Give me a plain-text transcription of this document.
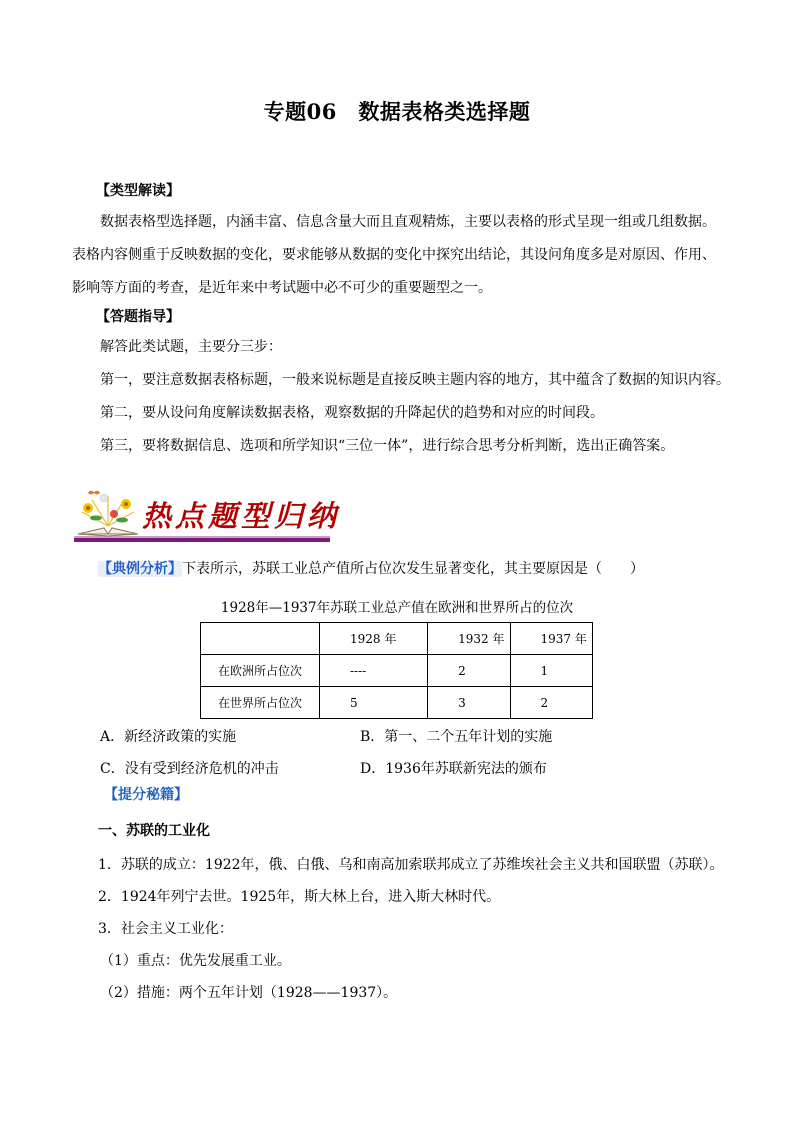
专题06　数据表格类选择题
【类型解读】
数据表格型选择题，内涵丰富、信息含量大而且直观精炼，主要以表格的形式呈现一组或几组数据。
表格内容侧重于反映数据的变化，要求能够从数据的变化中探究出结论，其设问角度多是对原因、作用、
影响等方面的考查，是近年来中考试题中必不可少的重要题型之一。
【答题指导】
解答此类试题，主要分三步：
第一，要注意数据表格标题，一般来说标题是直接反映主题内容的地方，其中蕴含了数据的知识内容。
第二，要从设问角度解读数据表格，观察数据的升降起伏的趋势和对应的时间段。
第三，要将数据信息、选项和所学知识“三位一体”，进行综合思考分析判断，选出正确答案。
热点题型归纳
【典例分析】下表所示，苏联工业总产值所占位次发生显著变化，其主要原因是（　　）
1928年—1937年苏联工业总产值在欧洲和世界所占的位次
	1928 年	1932 年	1937 年
在欧洲所占位次	----	2	1
在世界所占位次	5	3	2
A．新经济政策的实施	B．第一、二个五年计划的实施
C．没有受到经济危机的冲击	D．1936年苏联新宪法的颁布
【提分秘籍】
一、苏联的工业化
1．苏联的成立：1922年，俄、白俄、乌和南高加索联邦成立了苏维埃社会主义共和国联盟（苏联）。
2．1924年列宁去世。1925年，斯大林上台，进入斯大林时代。
3．社会主义工业化：
（1）重点：优先发展重工业。
（2）措施：两个五年计划（1928——1937）。
